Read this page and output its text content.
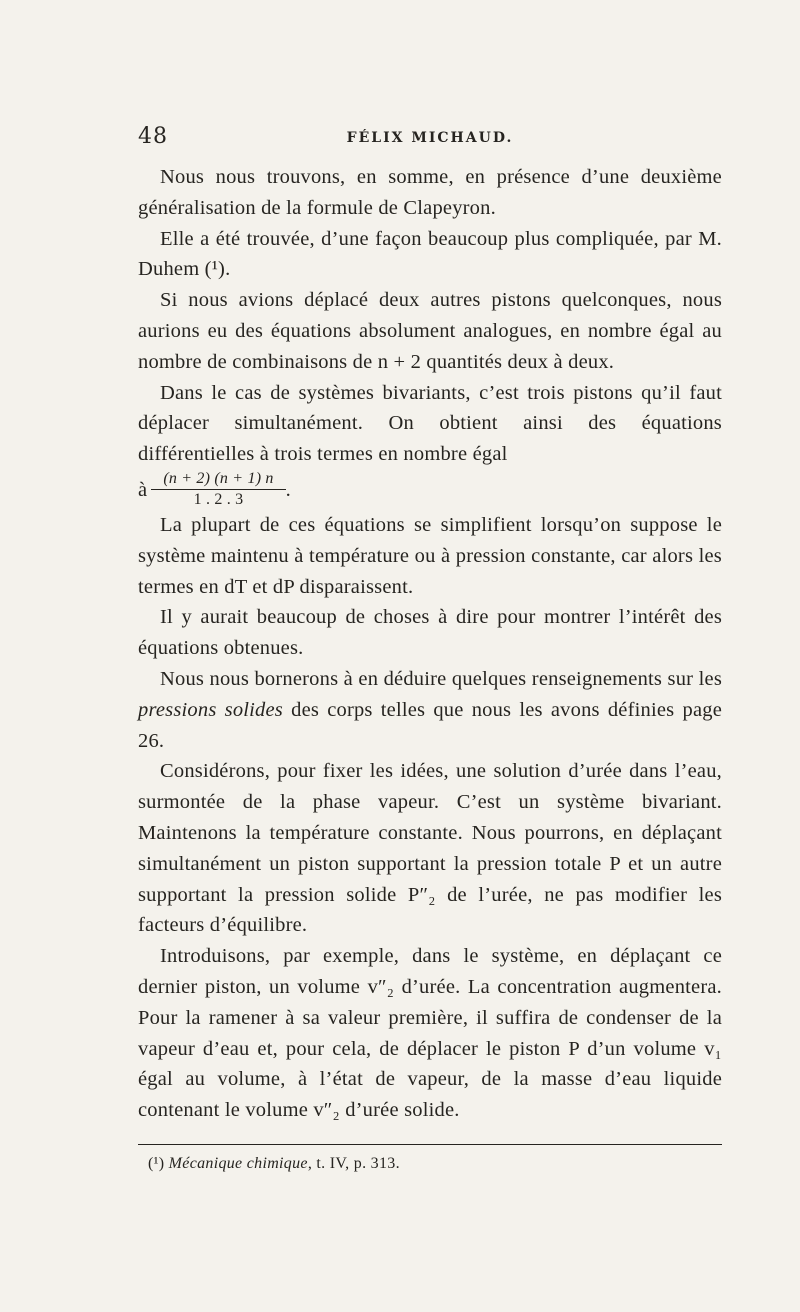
48	FÉLIX MICHAUD.

Nous nous trouvons, en somme, en présence d’une deuxième généralisation de la formule de Clapeyron.

Elle a été trouvée, d’une façon beaucoup plus compliquée, par M. Duhem (¹).

Si nous avions déplacé deux autres pistons quelconques, nous aurions eu des équations absolument analogues, en nombre égal au nombre de combinaisons de n + 2 quantités deux à deux.

Dans le cas de systèmes bivariants, c’est trois pistons qu’il faut déplacer simultanément. On obtient ainsi des équations différentielles à trois termes en nombre égal

à $\frac{(n + 2) (n + 1) n}{1 . 2 . 3}$ .

La plupart de ces équations se simplifient lorsqu’on suppose le système maintenu à température ou à pression constante, car alors les termes en dT et dP disparaissent.

Il y aurait beaucoup de choses à dire pour montrer l’intérêt des équations obtenues.

Nous nous bornerons à en déduire quelques renseignements sur les pressions solides des corps telles que nous les avons définies page 26.

Considérons, pour fixer les idées, une solution d’urée dans l’eau, surmontée de la phase vapeur. C’est un système bivariant. Maintenons la température constante. Nous pourrons, en déplaçant simultanément un piston supportant la pression totale P et un autre supportant la pression solide P″₂ de l’urée, ne pas modifier les facteurs d’équilibre.

Introduisons, par exemple, dans le système, en déplaçant ce dernier piston, un volume v″₂ d’urée. La concentration augmentera. Pour la ramener à sa valeur première, il suffira de condenser de la vapeur d’eau et, pour cela, de déplacer le piston P d’un volume v₁ égal au volume, à l’état de vapeur, de la masse d’eau liquide contenant le volume v″₂ d’urée solide.

(¹) Mécanique chimique, t. IV, p. 313.
